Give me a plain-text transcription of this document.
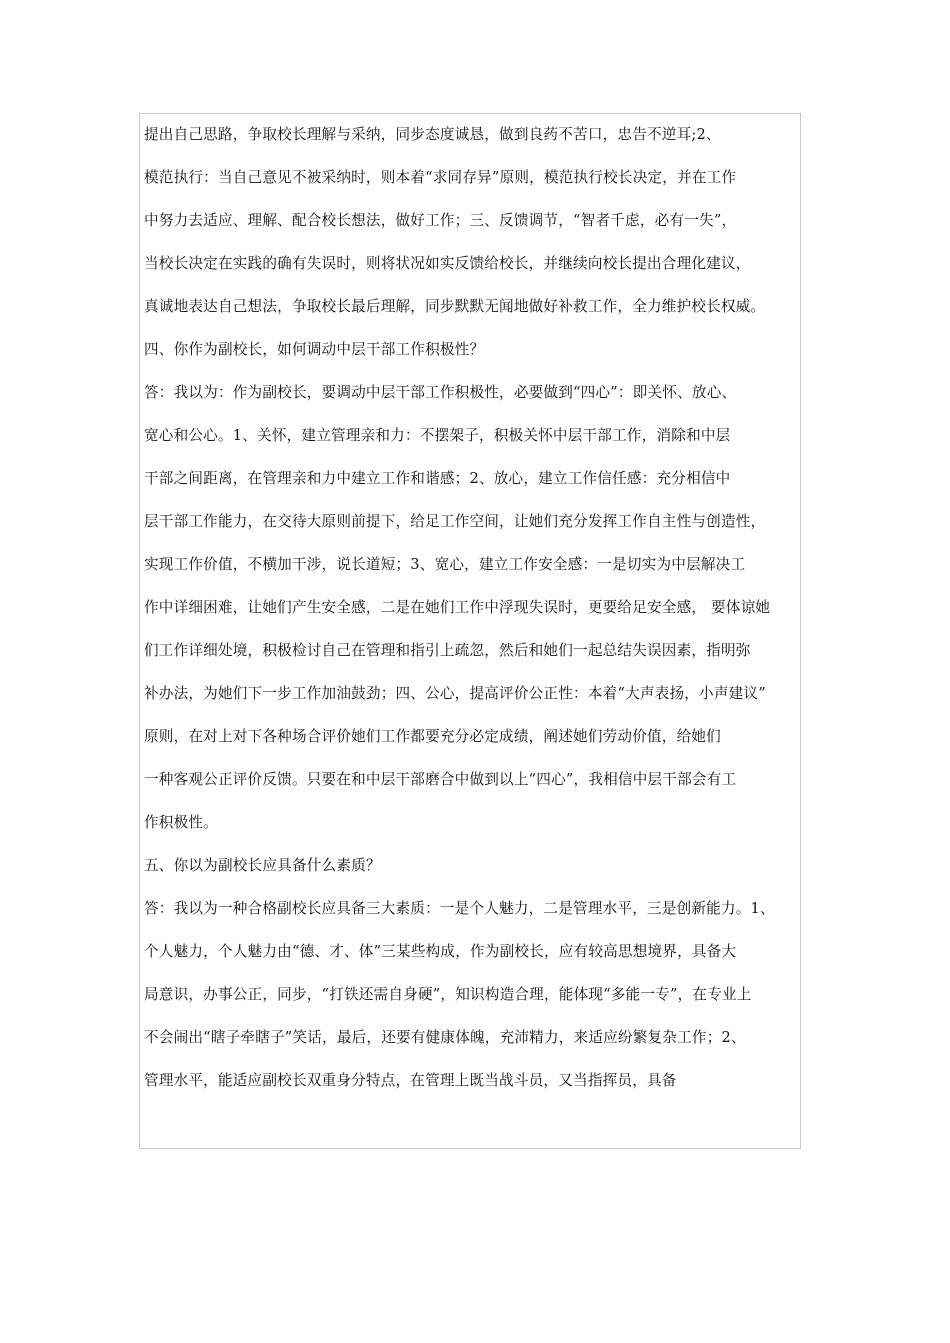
提出自己思路，争取校长理解与采纳，同步态度诚恳，做到良药不苦口，忠告不逆耳;2、
模范执行：当自己意见不被采纳时，则本着“求同存异”原则，模范执行校长决定，并在工作
中努力去适应、理解、配合校长想法，做好工作；三、反馈调节，“智者千虑，必有一失”，
当校长决定在实践的确有失误时，则将状况如实反馈给校长，并继续向校长提出合理化建议，
真诚地表达自己想法，争取校长最后理解，同步默默无闻地做好补救工作，全力维护校长权威。
四、你作为副校长，如何调动中层干部工作积极性？
答：我以为：作为副校长，要调动中层干部工作积极性，必要做到“四心”：即关怀、放心、
宽心和公心。1、关怀，建立管理亲和力：不摆架子，积极关怀中层干部工作，消除和中层
干部之间距离，在管理亲和力中建立工作和谐感；2、放心，建立工作信任感：充分相信中
层干部工作能力，在交待大原则前提下，给足工作空间，让她们充分发挥工作自主性与创造性，
实现工作价值，不横加干涉，说长道短；3、宽心，建立工作安全感：一是切实为中层解决工
作中详细困难，让她们产生安全感，二是在她们工作中浮现失误时，更要给足安全感， 要体谅她
们工作详细处境，积极检讨自己在管理和指引上疏忽，然后和她们一起总结失误因素，指明弥
补办法，为她们下一步工作加油鼓劲；四、公心，提高评价公正性：本着“大声表扬，小声建议”
原则，在对上对下各种场合评价她们工作都要充分必定成绩，阐述她们劳动价值，给她们
一种客观公正评价反馈。只要在和中层干部磨合中做到以上“四心”，我相信中层干部会有工
作积极性。
五、你以为副校长应具备什么素质？
答：我以为一种合格副校长应具备三大素质：一是个人魅力，二是管理水平，三是创新能力。1、
个人魅力，个人魅力由“德、才、体”三某些构成，作为副校长，应有较高思想境界，具备大
局意识，办事公正，同步，“打铁还需自身硬”，知识构造合理，能体现“多能一专”，在专业上
不会闹出“瞎子牵瞎子”笑话，最后，还要有健康体魄，充沛精力，来适应纷繁复杂工作；2、
管理水平，能适应副校长双重身分特点，在管理上既当战斗员，又当指挥员，具备
